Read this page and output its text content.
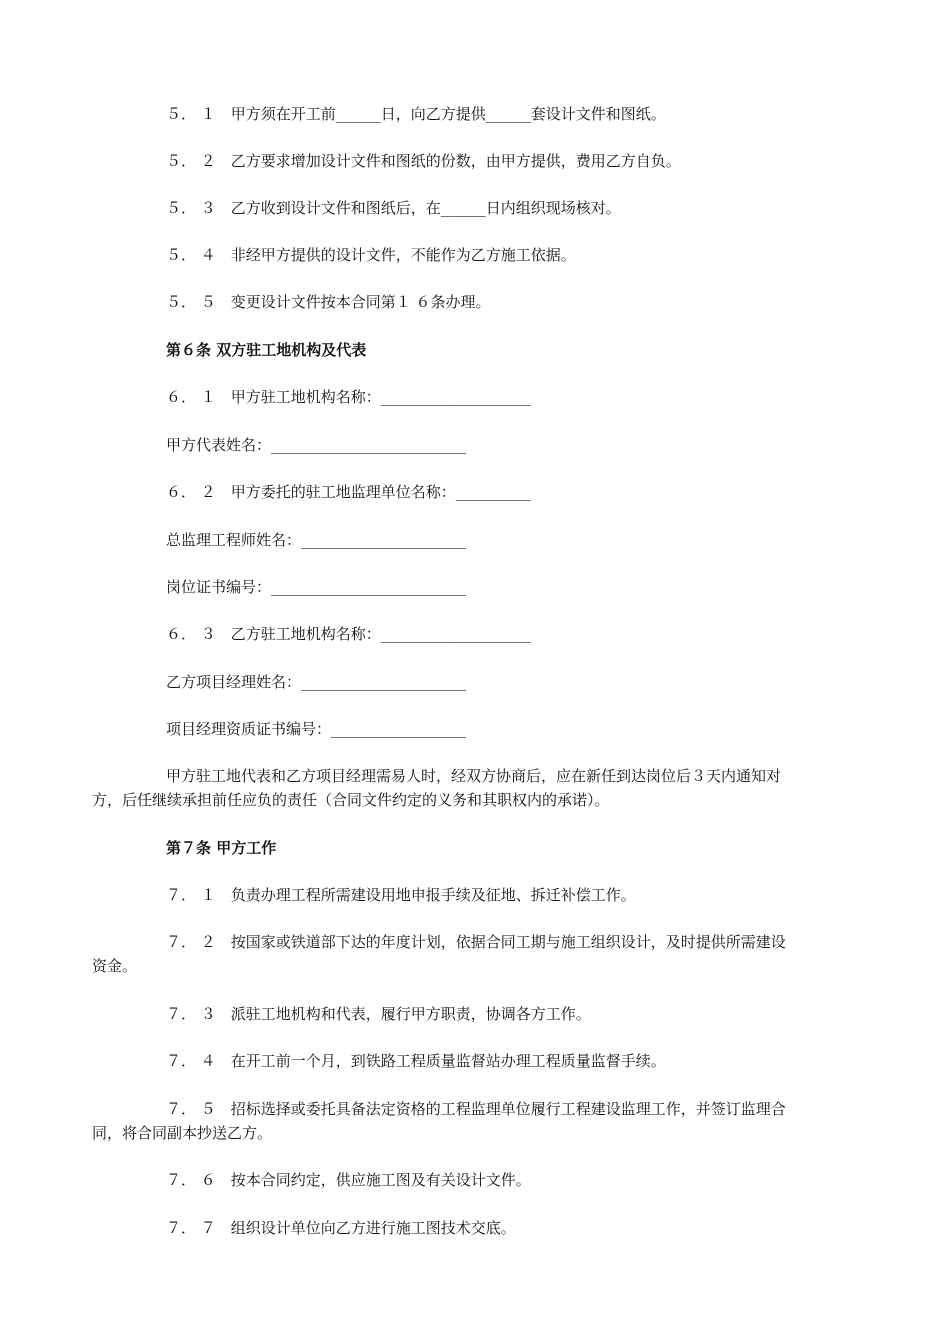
５． １　甲方须在开工前______日，向乙方提供______套设计文件和图纸。
５． ２　乙方要求增加设计文件和图纸的份数，由甲方提供，费用乙方自负。
５． ３　乙方收到设计文件和图纸后，在______日内组织现场核对。
５． ４　非经甲方提供的设计文件，不能作为乙方施工依据。
５． ５　变更设计文件按本合同第１ ６条办理。
第６条 双方驻工地机构及代表
６． １　甲方驻工地机构名称：____________________
甲方代表姓名：__________________________
６． ２　甲方委托的驻工地监理单位名称：__________
总监理工程师姓名：______________________
岗位证书编号：__________________________
６． ３　乙方驻工地机构名称：____________________
乙方项目经理姓名：______________________
项目经理资质证书编号：__________________
甲方驻工地代表和乙方项目经理需易人时，经双方协商后，应在新任到达岗位后３天内通知对
方，后任继续承担前任应负的责任（合同文件约定的义务和其职权内的承诺）。
第７条 甲方工作
７． １　负责办理工程所需建设用地申报手续及征地、拆迁补偿工作。
７． ２　按国家或铁道部下达的年度计划，依据合同工期与施工组织设计，及时提供所需建设
资金。
７． ３　派驻工地机构和代表，履行甲方职责，协调各方工作。
７． ４　在开工前一个月，到铁路工程质量监督站办理工程质量监督手续。
７． ５　招标选择或委托具备法定资格的工程监理单位履行工程建设监理工作，并签订监理合
同，将合同副本抄送乙方。
７． ６　按本合同约定，供应施工图及有关设计文件。
７． ７　组织设计单位向乙方进行施工图技术交底。
